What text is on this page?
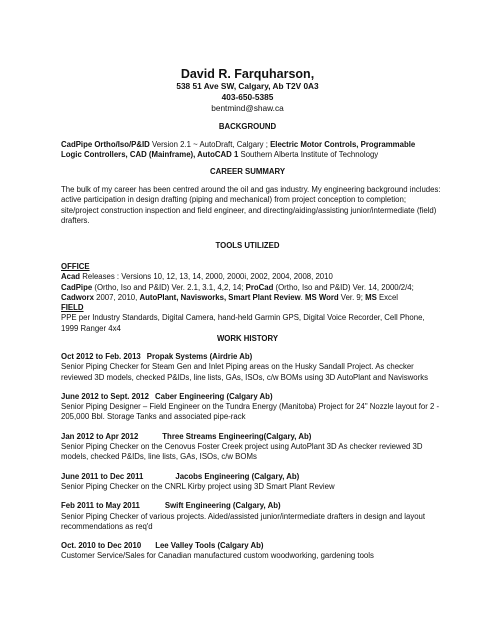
David R. Farquharson,
538 51 Ave SW, Calgary, Ab T2V 0A3
403-650-5385
bentmind@shaw.ca
BACKGROUND

CadPipe Ortho/Iso/P&ID Version 2.1 ~ AutoDraft, Calgary ; Electric Motor Controls, Programmable

Logic Controllers, CAD (Mainframe), AutoCAD 1 Southern Alberta Institute of Technology

CAREER SUMMARY

The bulk of my career has been centred around the oil and gas industry. My engineering background includes: active participation in design drafting (piping and mechanical) from project conception to completion; site/project construction inspection and field engineer, and directing/aiding/assisting junior/intermediate (field) drafters.

TOOLS UTILIZED

OFFICE

Acad Releases : Versions 10, 12, 13, 14, 2000, 2000i, 2002, 2004, 2008, 2010

CadPipe (Ortho, Iso and P&ID) Ver. 2.1, 3.1, 4,2, 14; ProCad (Ortho, Iso and P&ID) Ver. 14, 2000/2/4;

Cadworx 2007, 2010, AutoPlant, Navisworks, Smart Plant Review. MS Word Ver. 9; MS Excel

FIELD

PPE per Industry Standards, Digital Camera, hand-held Garmin GPS, Digital Voice Recorder, Cell Phone, 1999 Ranger 4x4

WORK HISTORY

Oct 2012 to Feb. 2013 Propak Systems (Airdrie Ab)

Senior Piping Checker for Steam Gen and Inlet Piping areas on the Husky Sandall Project. As checker reviewed 3D models, checked P&IDs, line lists, GAs, ISOs, c/w BOMs using 3D AutoPlant and Navisworks

June 2012 to Sept. 2012 Caber Engineering (Calgary Ab)

Senior Piping Designer – Field Engineer on the Tundra Energy (Manitoba) Project for 24" Nozzle layout for 2 - 205,000 Bbl. Storage Tanks and associated pipe-rack

Jan 2012 to Apr 2012	Three Streams Engineering(Calgary, Ab)

Senior Piping Checker on the Cenovus Foster Creek project using AutoPlant 3D As checker reviewed 3D models, checked P&IDs, line lists, GAs, ISOs, c/w BOMs

June 2011 to Dec 2011	Jacobs Engineering (Calgary, Ab)

Senior Piping Checker on the CNRL Kirby project using 3D Smart Plant Review

Feb 2011 to May 2011	Swift Engineering (Calgary, Ab)

Senior Piping Checker of various projects. Aided/assisted junior/intermediate drafters in design and layout recommendations as req'd

Oct. 2010 to Dec 2010 Lee Valley Tools (Calgary Ab)

Customer Service/Sales for Canadian manufactured custom woodworking, gardening tools
